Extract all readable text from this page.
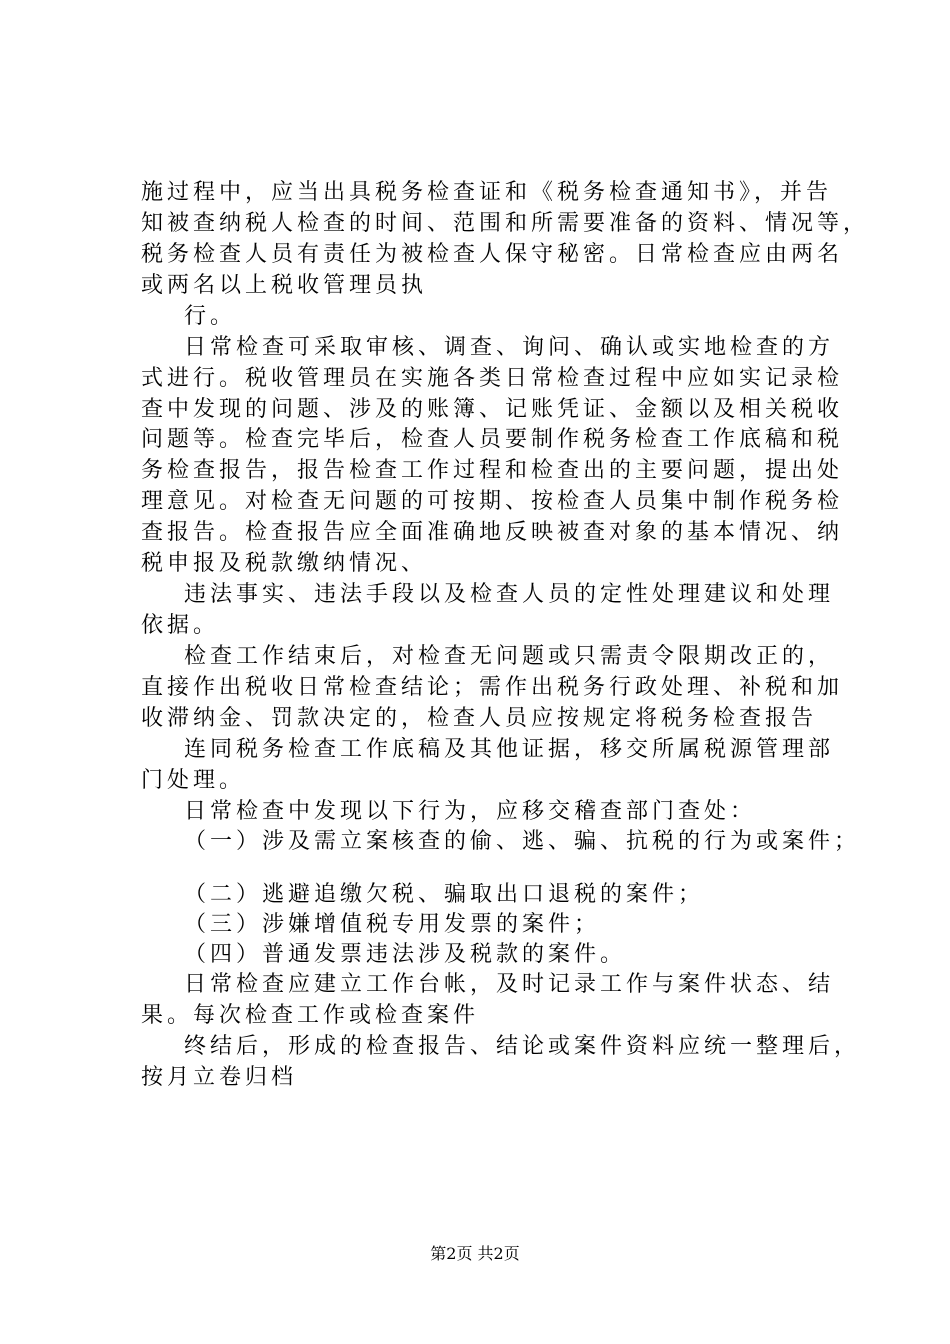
施过程中，应当出具税务检查证和《税务检查通知书》，并告
知被查纳税人检查的时间、范围和所需要准备的资料、情况等，
税务检查人员有责任为被检查人保守秘密。日常检查应由两名
或两名以上税收管理员执
行。
日常检查可采取审核、调查、询问、确认或实地检查的方
式进行。税收管理员在实施各类日常检查过程中应如实记录检
查中发现的问题、涉及的账簿、记账凭证、金额以及相关税收
问题等。检查完毕后，检查人员要制作税务检查工作底稿和税
务检查报告，报告检查工作过程和检查出的主要问题，提出处
理意见。对检查无问题的可按期、按检查人员集中制作税务检
查报告。检查报告应全面准确地反映被查对象的基本情况、纳
税申报及税款缴纳情况、
违法事实、违法手段以及检查人员的定性处理建议和处理
依据。
检查工作结束后，对检查无问题或只需责令限期改正的，
直接作出税收日常检查结论；需作出税务行政处理、补税和加
收滞纳金、罚款决定的，检查人员应按规定将税务检查报告
连同税务检查工作底稿及其他证据，移交所属税源管理部
门处理。
日常检查中发现以下行为，应移交稽查部门查处：
（一）涉及需立案核查的偷、逃、骗、抗税的行为或案件；
（二）逃避追缴欠税、骗取出口退税的案件；
（三）涉嫌增值税专用发票的案件；
（四）普通发票违法涉及税款的案件。
日常检查应建立工作台帐，及时记录工作与案件状态、结
果。每次检查工作或检查案件
终结后，形成的检查报告、结论或案件资料应统一整理后，
按月立卷归档
第2页 共2页
